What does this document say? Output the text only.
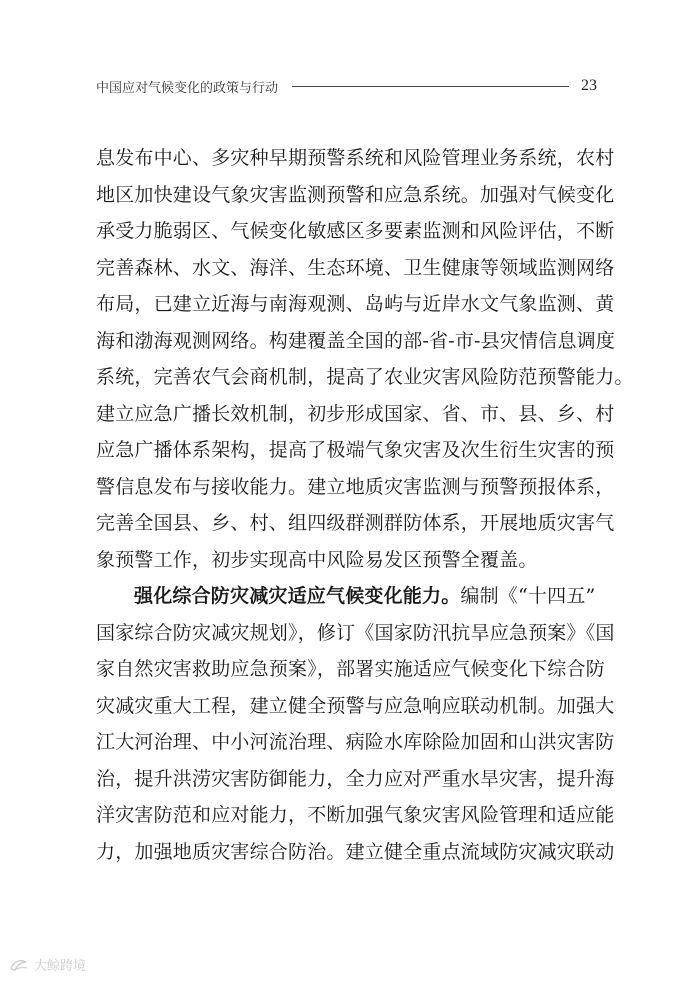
中国应对气候变化的政策与行动	23
息发布中心、多灾种早期预警系统和风险管理业务系统，农村
地区加快建设气象灾害监测预警和应急系统。加强对气候变化
承受力脆弱区、气候变化敏感区多要素监测和风险评估，不断
完善森林、水文、海洋、生态环境、卫生健康等领域监测网络
布局，已建立近海与南海观测、岛屿与近岸水文气象监测、黄
海和渤海观测网络。构建覆盖全国的部-省-市-县灾情信息调度
系统，完善农气会商机制，提高了农业灾害风险防范预警能力。
建立应急广播长效机制，初步形成国家、省、市、县、乡、村
应急广播体系架构，提高了极端气象灾害及次生衍生灾害的预
警信息发布与接收能力。建立地质灾害监测与预警预报体系，
完善全国县、乡、村、组四级群测群防体系，开展地质灾害气
象预警工作，初步实现高中风险易发区预警全覆盖。
强化综合防灾减灾适应气候变化能力。编制《“十四五”
国家综合防灾减灾规划》，修订《国家防汛抗旱应急预案》《国
家自然灾害救助应急预案》，部署实施适应气候变化下综合防
灾减灾重大工程，建立健全预警与应急响应联动机制。加强大
江大河治理、中小河流治理、病险水库除险加固和山洪灾害防
治，提升洪涝灾害防御能力，全力应对严重水旱灾害，提升海
洋灾害防范和应对能力，不断加强气象灾害风险管理和适应能
力，加强地质灾害综合防治。建立健全重点流域防灾减灾联动
大鲸跨境
